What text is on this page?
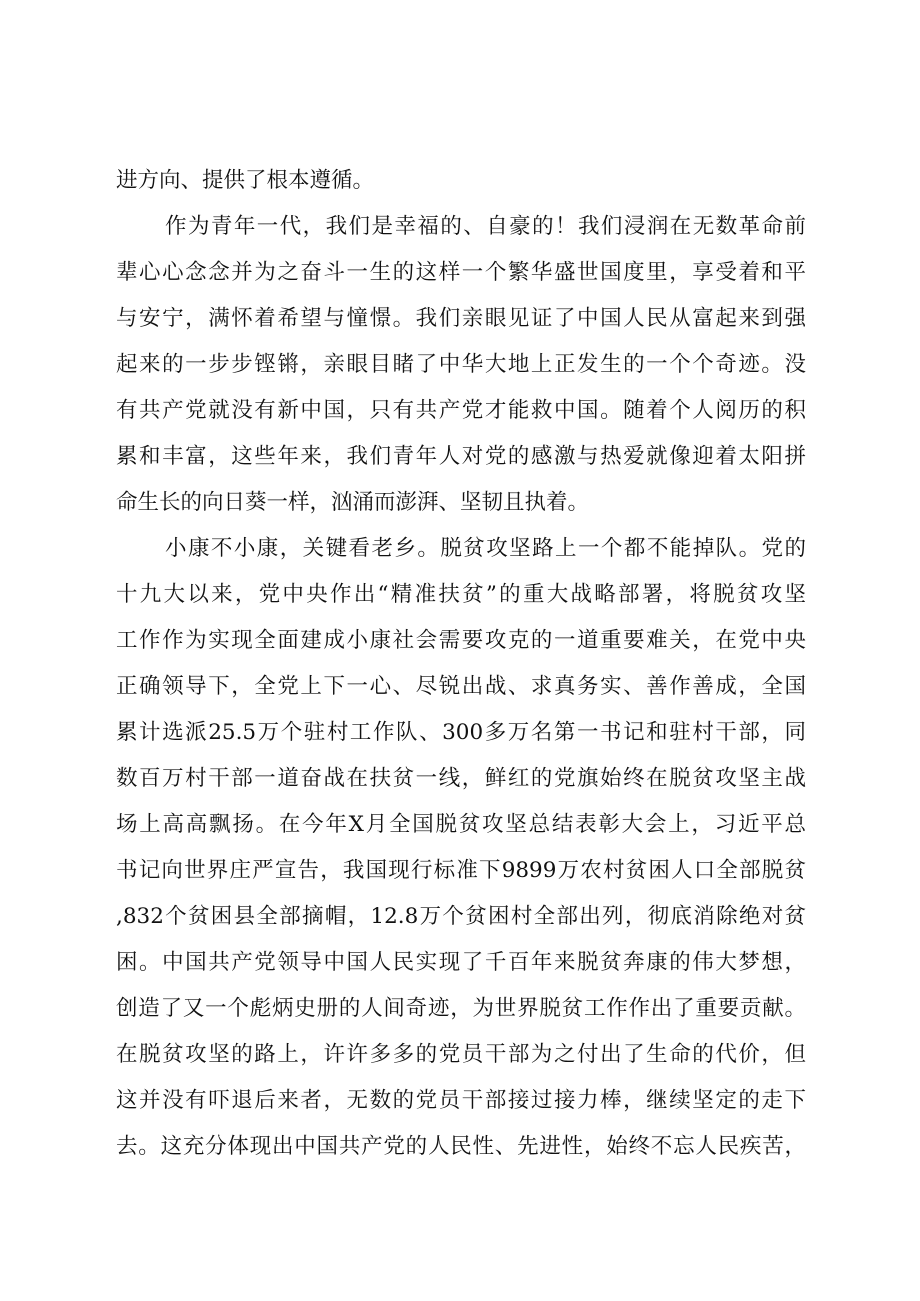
进方向、提供了根本遵循。
作为青年一代，我们是幸福的、自豪的！我们浸润在无数革命前
辈心心念念并为之奋斗一生的这样一个繁华盛世国度里，享受着和平
与安宁，满怀着希望与憧憬。我们亲眼见证了中国人民从富起来到强
起来的一步步铿锵，亲眼目睹了中华大地上正发生的一个个奇迹。没
有共产党就没有新中国，只有共产党才能救中国。随着个人阅历的积
累和丰富，这些年来，我们青年人对党的感激与热爱就像迎着太阳拼
命生长的向日葵一样，汹涌而澎湃、坚韧且执着。
小康不小康，关键看老乡。脱贫攻坚路上一个都不能掉队。党的
十九大以来，党中央作出“精准扶贫”的重大战略部署，将脱贫攻坚
工作作为实现全面建成小康社会需要攻克的一道重要难关，在党中央
正确领导下，全党上下一心、尽锐出战、求真务实、善作善成，全国
累计选派25.5万个驻村工作队、300多万名第一书记和驻村干部，同
数百万村干部一道奋战在扶贫一线，鲜红的党旗始终在脱贫攻坚主战
场上高高飘扬。在今年X月全国脱贫攻坚总结表彰大会上，习近平总
书记向世界庄严宣告，我国现行标准下9899万农村贫困人口全部脱贫
,832个贫困县全部摘帽，12.8万个贫困村全部出列，彻底消除绝对贫
困。中国共产党领导中国人民实现了千百年来脱贫奔康的伟大梦想，
创造了又一个彪炳史册的人间奇迹，为世界脱贫工作作出了重要贡献。
在脱贫攻坚的路上，许许多多的党员干部为之付出了生命的代价，但
这并没有吓退后来者，无数的党员干部接过接力棒，继续坚定的走下
去。这充分体现出中国共产党的人民性、先进性，始终不忘人民疾苦，
